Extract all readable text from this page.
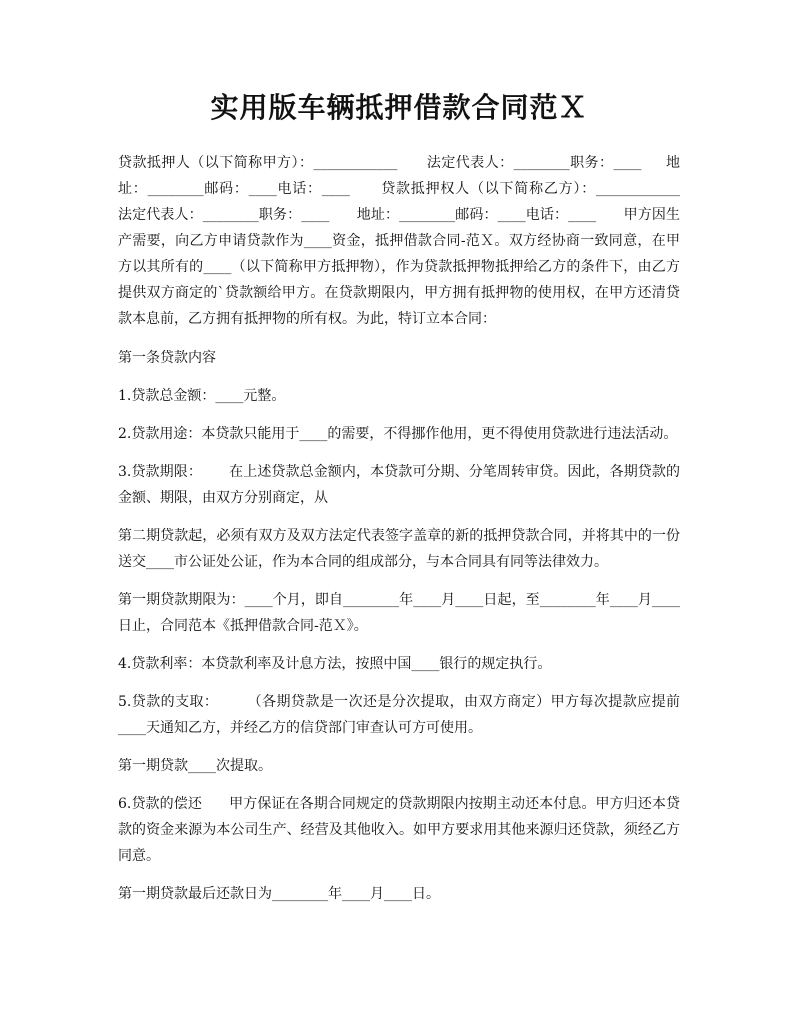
实用版车辆抵押借款合同范Ｘ

贷款抵押人（以下简称甲方）：____________      法定代表人：________职务：____     地址：________邮码：____电话：____      贷款抵押权人（以下简称乙方）：____________      法定代表人：________职务：____      地址：________邮码：____电话：____      甲方因生产需要，向乙方申请贷款作为____资金，抵押借款合同-范Ｘ。双方经协商一致同意，在甲方以其所有的____（以下简称甲方抵押物），作为贷款抵押物抵押给乙方的条件下，由乙方提供双方商定的`贷款额给甲方。在贷款期限内，甲方拥有抵押物的使用权，在甲方还清贷款本息前，乙方拥有抵押物的所有权。为此，特订立本合同：

第一条贷款内容

1.贷款总金额：____元整。

2.贷款用途：本贷款只能用于____的需要，不得挪作他用，更不得使用贷款进行违法活动。

3.贷款期限：      在上述贷款总金额内，本贷款可分期、分笔周转审贷。因此，各期贷款的金额、期限，由双方分别商定，从

第二期贷款起，必须有双方及双方法定代表签字盖章的新的抵押贷款合同，并将其中的一份送交____市公证处公证，作为本合同的组成部分，与本合同具有同等法律效力。

第一期贷款期限为：____个月，即自________年____月____日起，至________年____月____日止，合同范本《抵押借款合同-范Ｘ》。

4.贷款利率：本贷款利率及计息方法，按照中国____银行的规定执行。

5.贷款的支取：      （各期贷款是一次还是分次提取，由双方商定）甲方每次提款应提前____天通知乙方，并经乙方的信贷部门审查认可方可使用。

第一期贷款____次提取。

6.贷款的偿还      甲方保证在各期合同规定的贷款期限内按期主动还本付息。甲方归还本贷款的资金来源为本公司生产、经营及其他收入。如甲方要求用其他来源归还贷款，须经乙方同意。

第一期贷款最后还款日为________年____月____日。
